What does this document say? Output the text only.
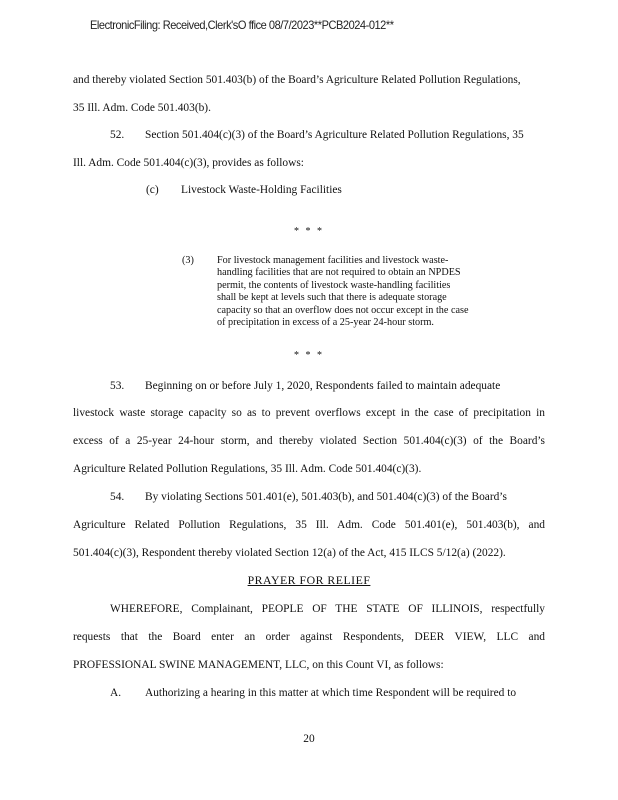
ElectronicFiling: Received,Clerk'sO ffice 08/7/2023**PCB2024-012**
and thereby violated Section 501.403(b) of the Board’s Agriculture Related Pollution Regulations,
35 Ill. Adm. Code 501.403(b).
52. Section 501.404(c)(3) of the Board’s Agriculture Related Pollution Regulations, 35
Ill. Adm. Code 501.404(c)(3), provides as follows:
(c) Livestock Waste-Holding Facilities
* * *
(3) For livestock management facilities and livestock waste-
handling facilities that are not required to obtain an NPDES
permit, the contents of livestock waste-handling facilities
shall be kept at levels such that there is adequate storage
capacity so that an overflow does not occur except in the case
of precipitation in excess of a 25-year 24-hour storm.
* * *
53. Beginning on or before July 1, 2020, Respondents failed to maintain adequate
livestock waste storage capacity so as to prevent overflows except in the case of precipitation in
excess of a 25-year 24-hour storm, and thereby violated Section 501.404(c)(3) of the Board’s
Agriculture Related Pollution Regulations, 35 Ill. Adm. Code 501.404(c)(3).
54. By violating Sections 501.401(e), 501.403(b), and 501.404(c)(3) of the Board’s
Agriculture Related Pollution Regulations, 35 Ill. Adm. Code 501.401(e), 501.403(b), and
501.404(c)(3), Respondent thereby violated Section 12(a) of the Act, 415 ILCS 5/12(a) (2022).
PRAYER FOR RELIEF
WHEREFORE, Complainant, PEOPLE OF THE STATE OF ILLINOIS, respectfully
requests that the Board enter an order against Respondents, DEER VIEW, LLC and
PROFESSIONAL SWINE MANAGEMENT, LLC, on this Count VI, as follows:
A. Authorizing a hearing in this matter at which time Respondent will be required to
20
